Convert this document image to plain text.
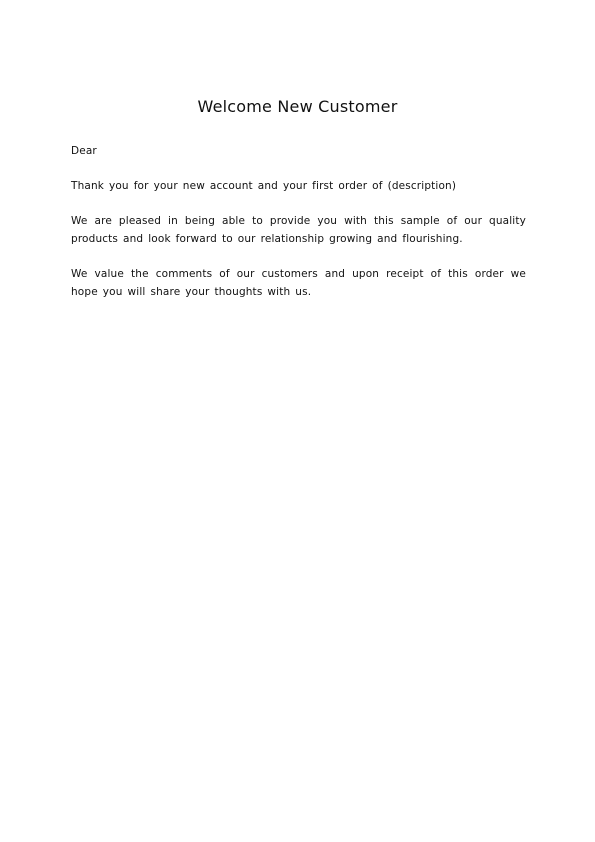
Welcome New Customer

Dear

Thank you for your new account and your first order of (description)

We are pleased in being able to provide you with this sample of our quality products and look forward to our relationship growing and flourishing.

We value the comments of our customers and upon receipt of this order we hope you will share your thoughts with us.
